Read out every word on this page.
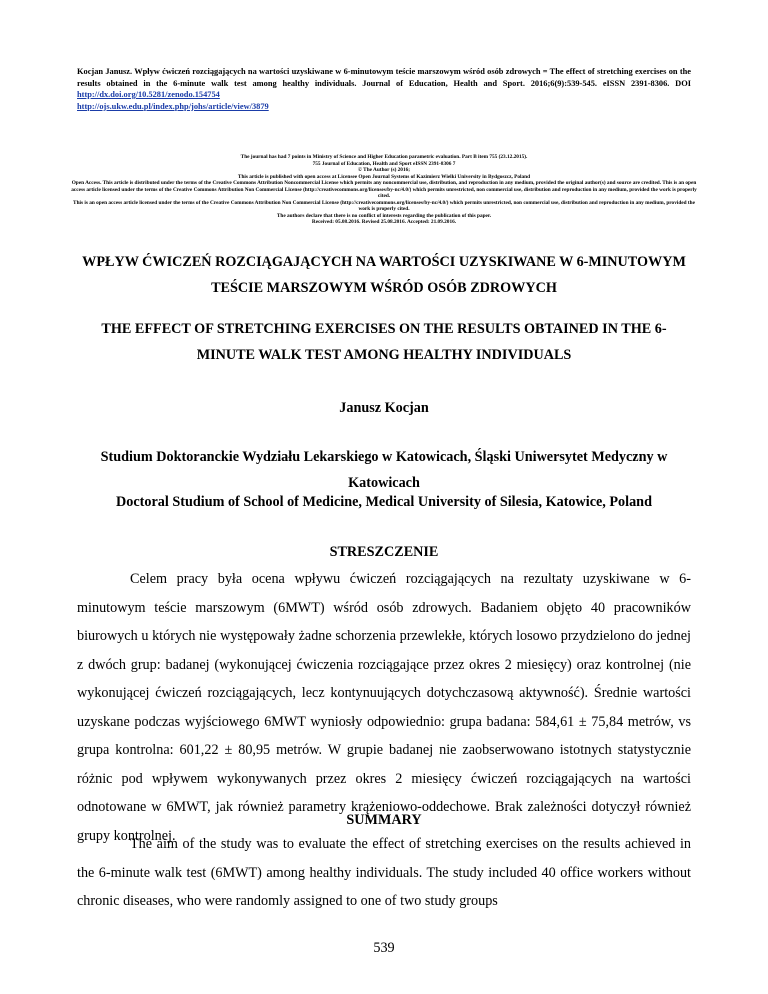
Kocjan Janusz. Wpływ ćwiczeń rozciągających na wartości uzyskiwane w 6-minutowym teście marszowym wśród osób zdrowych = The effect of stretching exercises on the results obtained in the 6-minute walk test among healthy individuals. Journal of Education, Health and Sport. 2016;6(9):539-545. eISSN 2391-8306. DOI http://dx.doi.org/10.5281/zenodo.154754
http://ojs.ukw.edu.pl/index.php/johs/article/view/3879
The journal has had 7 points in Ministry of Science and Higher Education parametric evaluation. Part B item 755 (23.12.2015).
755 Journal of Education, Health and Sport eISSN 2391-8306 7
© The Author (s) 2016;
This article is published with open access at Licensee Open Journal Systems of Kazimierz Wielki University in Bydgoszcz, Poland
Open Access. This article is distributed under the terms of the Creative Commons Attribution Noncommercial License which permits any noncommercial use, distribution, and reproduction in any medium, provided the original author(s) and source are credited. This is an open access article licensed under the terms of the Creative Commons Attribution Non Commercial License (http://creativecommons.org/licenses/by-nc/4.0/) which permits unrestricted, non commercial use, distribution and reproduction in any medium, provided the work is properly cited.
This is an open access article licensed under the terms of the Creative Commons Attribution Non Commercial License (http://creativecommons.org/licenses/by-nc/4.0/) which permits unrestricted, non commercial use, distribution and reproduction in any medium, provided the work is properly cited.
The authors declare that there is no conflict of interests regarding the publication of this paper.
Received: 05.08.2016. Revised 25.08.2016. Accepted: 21.09.2016.
WPŁYW ĆWICZEŃ ROZCIĄGAJĄCYCH NA WARTOŚCI UZYSKIWANE W 6-MINUTOWYM TEŚCIE MARSZOWYM WŚRÓD OSÓB ZDROWYCH
THE EFFECT OF STRETCHING EXERCISES ON THE RESULTS OBTAINED IN THE 6-MINUTE WALK TEST AMONG HEALTHY INDIVIDUALS
Janusz Kocjan
Studium Doktoranckie Wydziału Lekarskiego w Katowicach, Śląski Uniwersytet Medyczny w Katowicach
Doctoral Studium of School of Medicine, Medical University of Silesia, Katowice, Poland
STRESZCZENIE
Celem pracy była ocena wpływu ćwiczeń rozciągających na rezultaty uzyskiwane w 6-minutowym teście marszowym (6MWT) wśród osób zdrowych. Badaniem objęto 40 pracowników biurowych u których nie występowały żadne schorzenia przewlekłe, których losowo przydzielono do jednej z dwóch grup: badanej (wykonującej ćwiczenia rozciągające przez okres 2 miesięcy) oraz kontrolnej (nie wykonującej ćwiczeń rozciągających, lecz kontynuujących dotychczasową aktywność). Średnie wartości uzyskane podczas wyjściowego 6MWT wyniosły odpowiednio: grupa badana: 584,61 ± 75,84 metrów, vs grupa kontrolna: 601,22 ± 80,95 metrów. W grupie badanej nie zaobserwowano istotnych statystycznie różnic pod wpływem wykonywanych przez okres 2 miesięcy ćwiczeń rozciągających na wartości odnotowane w 6MWT, jak również parametry krążeniowo-oddechowe. Brak zależności dotyczył również grupy kontrolnej.
SUMMARY
The aim of the study was to evaluate the effect of stretching exercises on the results achieved in the 6-minute walk test (6MWT) among healthy individuals. The study included 40 office workers without chronic diseases, who were randomly assigned to one of two study groups
539
